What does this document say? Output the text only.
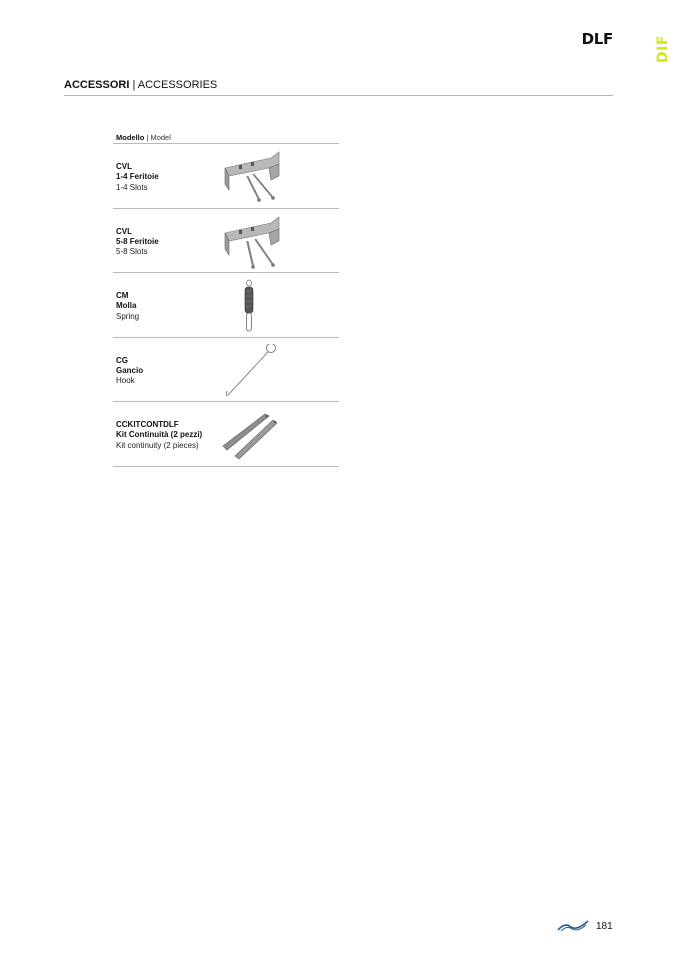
DLF	DIF
ACCESSORI | ACCESSORIES
Modello | Model
CVL
1-4 Feritoie
1-4 Slots
CVL
5-8 Feritoie
5-8 Slots
CM
Molla
Spring
CG
Gancio
Hook
CCKITCONTDLF
Kit Continuità (2 pezzi)
Kit continuity (2 pieces)
181
